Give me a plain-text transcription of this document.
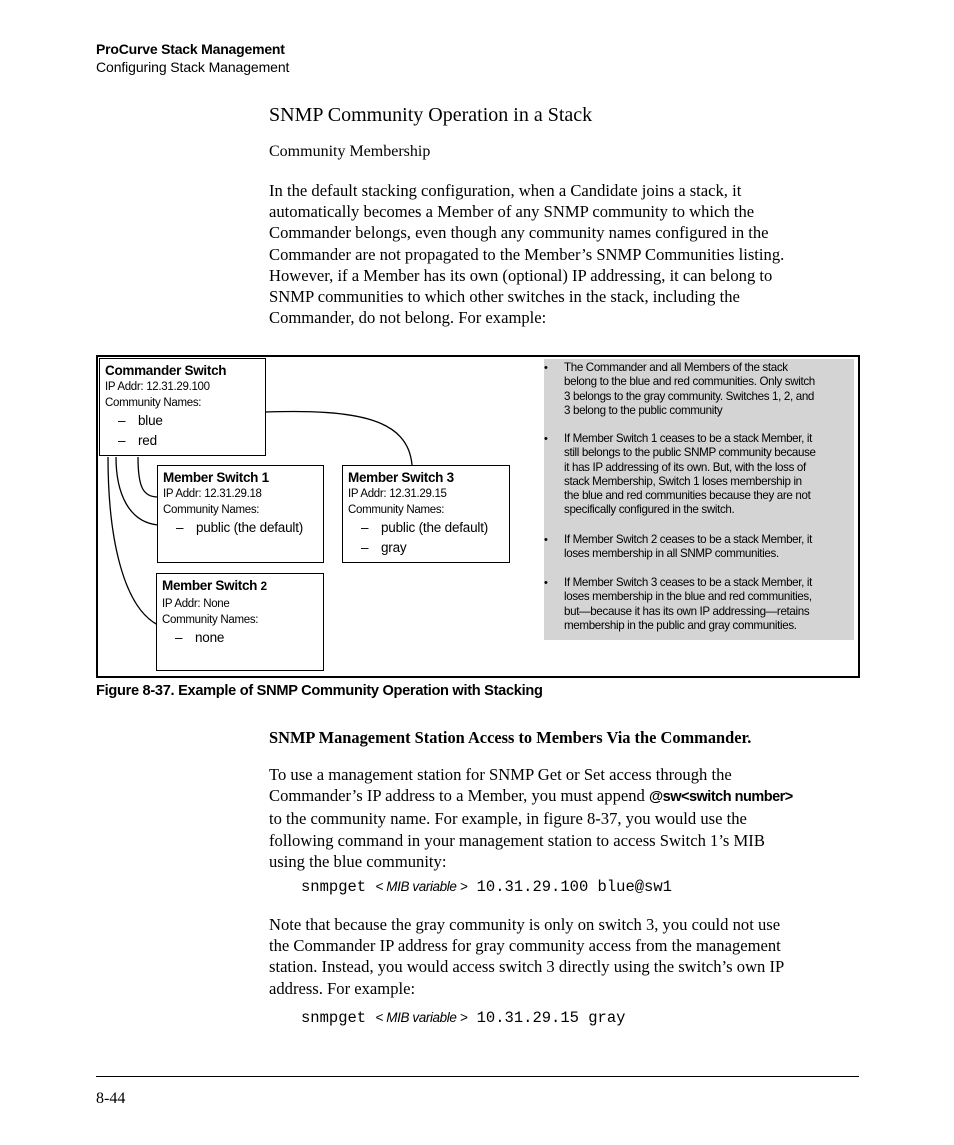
ProCurve Stack Management
Configuring Stack Management
SNMP Community Operation in a Stack
Community Membership
In the default stacking configuration, when a Candidate joins a stack, it
automatically becomes a Member of any SNMP community to which the
Commander belongs, even though any community names configured in the
Commander are not propagated to the Member’s SNMP Communities listing.
However, if a Member has its own (optional) IP addressing, it can belong to
SNMP communities to which other switches in the stack, including the
Commander, do not belong. For example:
Commander Switch
IP Addr: 12.31.29.100
Community Names:
– blue
– red
Member Switch 1
IP Addr: 12.31.29.18
Community Names:
– public (the default)
Member Switch 3
IP Addr: 12.31.29.15
Community Names:
– public (the default)
– gray
Member Switch 2
IP Addr: None
Community Names:
– none
• The Commander and all Members of the stack
belong to the blue and red communities. Only switch
3 belongs to the gray community. Switches 1, 2, and
3 belong to the public community
• If Member Switch 1 ceases to be a stack Member, it
still belongs to the public SNMP community because
it has IP addressing of its own. But, with the loss of
stack Membership, Switch 1 loses membership in
the blue and red communities because they are not
specifically configured in the switch.
• If Member Switch 2 ceases to be a stack Member, it
loses membership in all SNMP communities.
• If Member Switch 3 ceases to be a stack Member, it
loses membership in the blue and red communities,
but—because it has its own IP addressing—retains
membership in the public and gray communities.
Figure 8-37. Example of SNMP Community Operation with Stacking
SNMP Management Station Access to Members Via the Commander.
To use a management station for SNMP Get or Set access through the
Commander’s IP address to a Member, you must append @sw<switch number>
to the community name. For example, in figure 8-37, you would use the
following command in your management station to access Switch 1’s MIB
using the blue community:
snmpget < MIB variable > 10.31.29.100 blue@sw1
Note that because the gray community is only on switch 3, you could not use
the Commander IP address for gray community access from the management
station. Instead, you would access switch 3 directly using the switch’s own IP
address. For example:
snmpget < MIB variable > 10.31.29.15 gray
8-44
